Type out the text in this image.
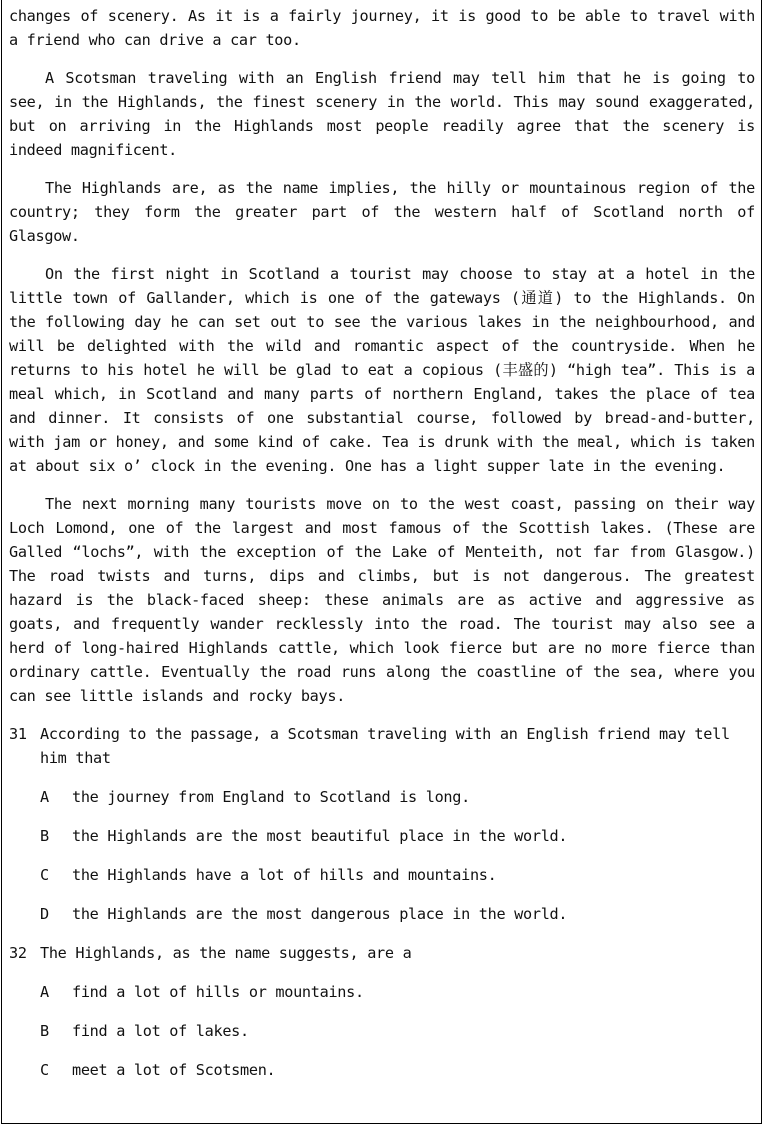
changes of scenery. As it is a fairly journey, it is good to be able to travel with a friend who can drive a car too.

A Scotsman traveling with an English friend may tell him that he is going to see, in the Highlands, the finest scenery in the world. This may sound exaggerated, but on arriving in the Highlands most people readily agree that the scenery is indeed magnificent.

The Highlands are, as the name implies, the hilly or mountainous region of the country; they form the greater part of the western half of Scotland north of Glasgow.

On the first night in Scotland a tourist may choose to stay at a hotel in the little town of Gallander, which is one of the gateways (通道) to the Highlands. On the following day he can set out to see the various lakes in the neighbourhood, and will be delighted with the wild and romantic aspect of the countryside. When he returns to his hotel he will be glad to eat a copious (丰盛的) “high tea”. This is a meal which, in Scotland and many parts of northern England, takes the place of tea and dinner. It consists of one substantial course, followed by bread-and-butter, with jam or honey, and some kind of cake. Tea is drunk with the meal, which is taken at about six o’ clock in the evening. One has a light supper late in the evening.

The next morning many tourists move on to the west coast, passing on their way Loch Lomond, one of the largest and most famous of the Scottish lakes. (These are Galled “lochs”, with the exception of the Lake of Menteith, not far from Glasgow.) The road twists and turns, dips and climbs, but is not dangerous. The greatest hazard is the black-faced sheep: these animals are as active and aggressive as goats, and frequently wander recklessly into the road. The tourist may also see a herd of long-haired Highlands cattle, which look fierce but are no more fierce than ordinary cattle. Eventually the road runs along the coastline of the sea, where you can see little islands and rocky bays.

31 According to the passage, a Scotsman traveling with an English friend may tell him that
A the journey from England to Scotland is long.
B the Highlands are the most beautiful place in the world.
C the Highlands have a lot of hills and mountains.
D the Highlands are the most dangerous place in the world.
32 The Highlands, as the name suggests, are a
A find a lot of hills or mountains.
B find a lot of lakes.
C meet a lot of Scotsmen.
